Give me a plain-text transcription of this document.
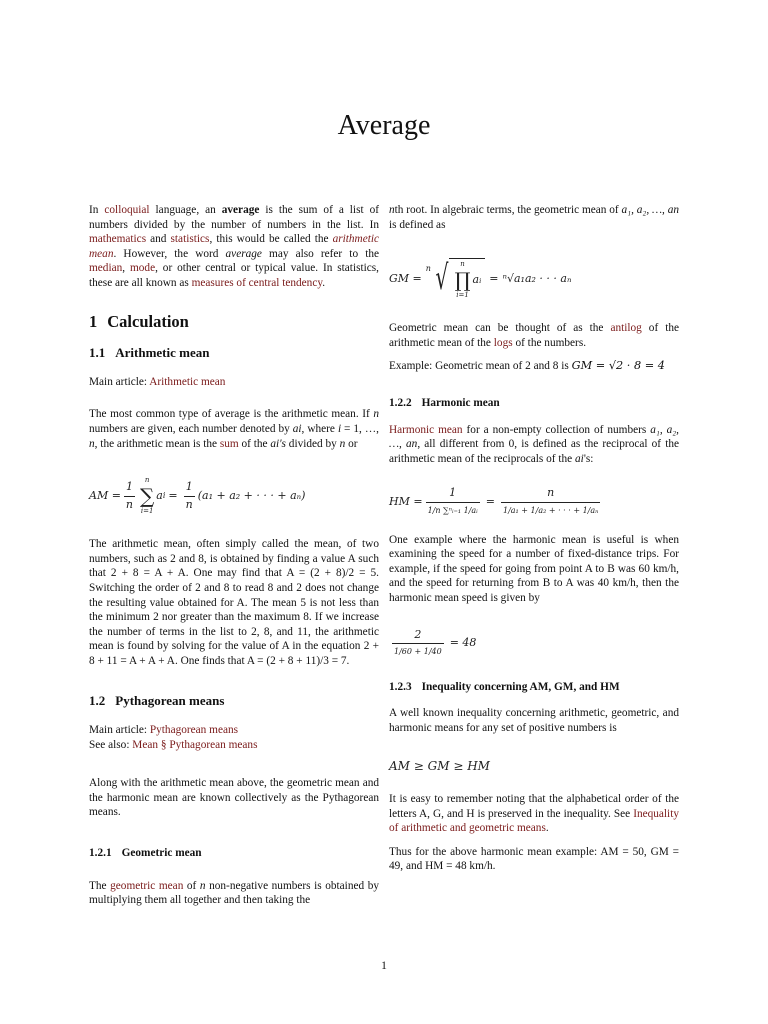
Average

In colloquial language, an average is the sum of a list of numbers divided by the number of numbers in the list. In mathematics and statistics, this would be called the arithmetic mean. However, the word average may also refer to the median, mode, or other central or typical value. In statistics, these are all known as measures of central tendency.

1 Calculation
1.1 Arithmetic mean

Main article: Arithmetic mean

The most common type of average is the arithmetic mean. If n numbers are given, each number denoted by ai, where i = 1, …, n, the arithmetic mean is the sum of the ai's divided by n or

AM = $\frac{1}{n}$ n
∑
i=1
a $i = \frac{1}{n} (a_1 + a_2$ + · · · + aₙ)

The arithmetic mean, often simply called the mean, of two numbers, such as 2 and 8, is obtained by finding a value A such that 2 + 8 = A + A. One may find that A = (2 + 8)/2 = 5. Switching the order of 2 and 8 to read 8 and 2 does not change the resulting value obtained for A. The mean 5 is not less than the minimum 2 nor greater than the maximum 8. If we increase the number of terms in the list to 2, 8, and 11, the arithmetic mean is found by solving for the value of A in the equation 2 + 8 + 11 = A + A + A. One finds that A = (2 + 8 + 11)/3 = 7.

1.2 Pythagorean means

Main article: Pythagorean means
See also: Mean § Pythagorean means

Along with the arithmetic mean above, the geometric mean and the harmonic mean are known collectively as the Pythagorean means.

1.2.1 Geometric mean

The geometric mean of n non-negative numbers is obtained by multiplying them all together and then taking the

nth root. In algebraic terms, the geometric mean of a₁, a₂, …, an is defined as

GM =
n √ n
∏
i=1
aᵢ = ⁿ√a₁a₂ · · · aₙ

Geometric mean can be thought of as the antilog of the arithmetic mean of the logs of the numbers.

Example: Geometric mean of 2 and 8 is GM = √2 · 8 = 4

1.2.2 Harmonic mean

Harmonic mean for a non-empty collection of numbers a₁, a₂, …, an, all different from 0, is defined as the reciprocal of the arithmetic mean of the reciprocals of the ai's:

HM = $\frac{1}{\text{1/n ∑ⁿᵢ₌₁ 1/aᵢ}} = \frac{n}{\text{1/a₁ + 1/a₂ + · · · + 1/aₙ}}$

One example where the harmonic mean is useful is when examining the speed for a number of fixed-distance trips. For example, if the speed for going from point A to B was 60 km/h, and the speed for returning from B to A was 40 km/h, then the harmonic mean speed is given by

$\frac{2}{1/60 + 1/40} = 48$
1.2.3 Inequality concerning AM, GM, and HM

A well known inequality concerning arithmetic, geometric, and harmonic means for any set of positive numbers is

AM ≥ GM ≥ HM

It is easy to remember noting that the alphabetical order of the letters A, G, and H is preserved in the inequality. See Inequality of arithmetic and geometric means.

Thus for the above harmonic mean example: AM = 50, GM = 49, and HM = 48 km/h.

1
